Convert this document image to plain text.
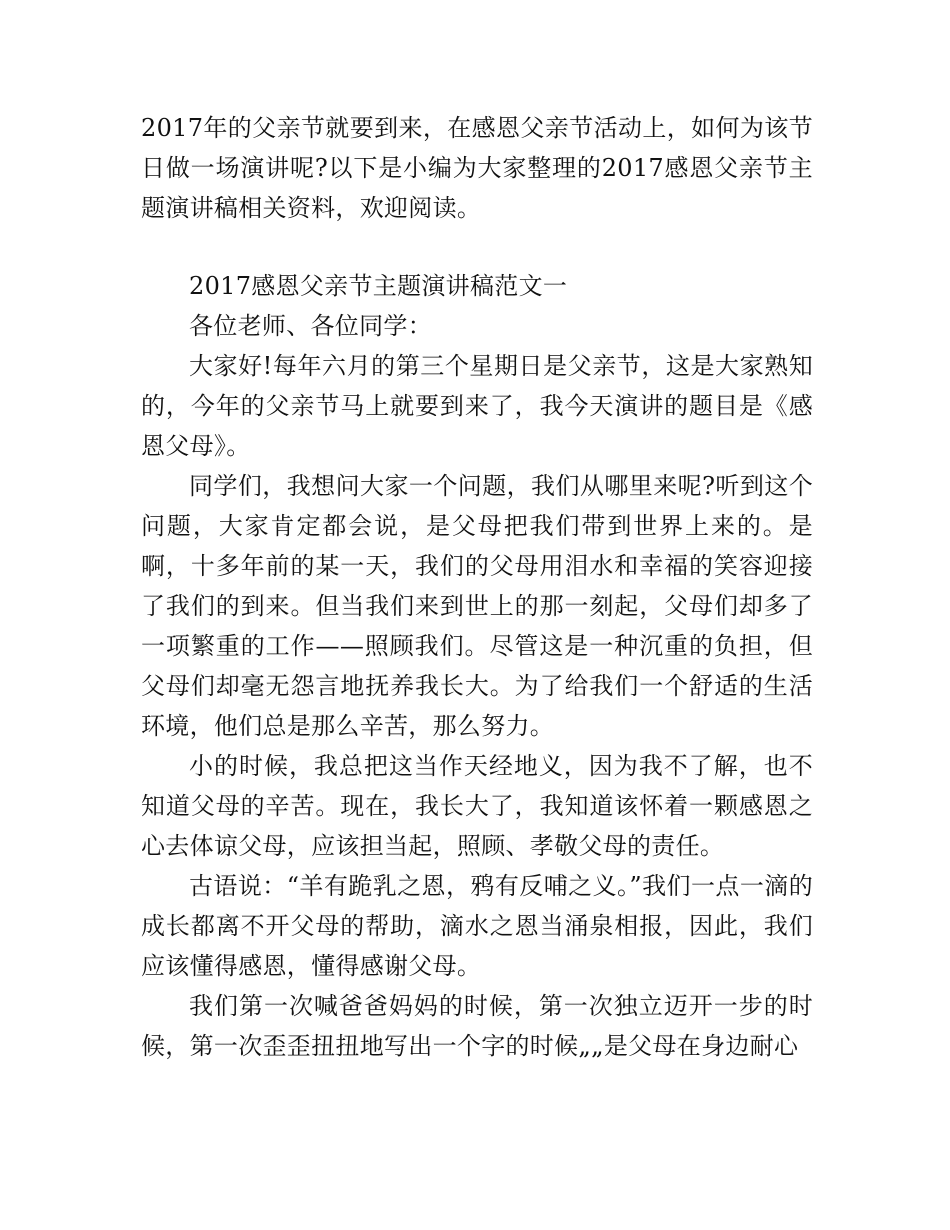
2017年的父亲节就要到来，在感恩父亲节活动上，如何为该节日做一场演讲呢?以下是小编为大家整理的2017感恩父亲节主题演讲稿相关资料，欢迎阅读。

2017感恩父亲节主题演讲稿范文一

各位老师、各位同学：

大家好!每年六月的第三个星期日是父亲节，这是大家熟知的，今年的父亲节马上就要到来了，我今天演讲的题目是《感恩父母》。

同学们，我想问大家一个问题，我们从哪里来呢?听到这个问题，大家肯定都会说，是父母把我们带到世界上来的。是啊，十多年前的某一天，我们的父母用泪水和幸福的笑容迎接了我们的到来。但当我们来到世上的那一刻起，父母们却多了一项繁重的工作——照顾我们。尽管这是一种沉重的负担，但父母们却毫无怨言地抚养我长大。为了给我们一个舒适的生活环境，他们总是那么辛苦，那么努力。

小的时候，我总把这当作天经地义，因为我不了解，也不知道父母的辛苦。现在，我长大了，我知道该怀着一颗感恩之心去体谅父母，应该担当起，照顾、孝敬父母的责任。

古语说：“羊有跪乳之恩，鸦有反哺之义。”我们一点一滴的成长都离不开父母的帮助，滴水之恩当涌泉相报，因此，我们应该懂得感恩，懂得感谢父母。

我们第一次喊爸爸妈妈的时候，第一次独立迈开一步的时候，第一次歪歪扭扭地写出一个字的时候„„是父母在身边耐心
